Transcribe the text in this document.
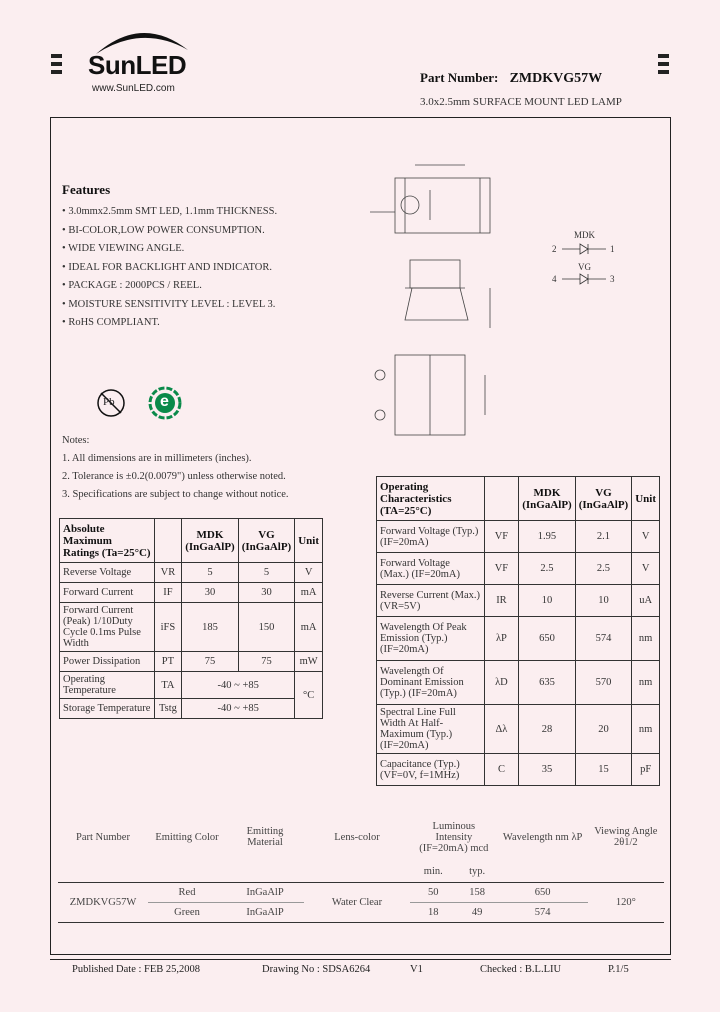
SunLED
www.SunLED.com
Part Number: ZMDKVG57W
3.0x2.5mm SURFACE MOUNT LED LAMP
Features
• 3.0mmx2.5mm SMT LED, 1.1mm THICKNESS.
• BI-COLOR,LOW POWER CONSUMPTION.
• WIDE VIEWING ANGLE.
• IDEAL FOR BACKLIGHT AND INDICATOR.
• PACKAGE : 2000PCS / REEL.
• MOISTURE SENSITIVITY LEVEL : LEVEL 3.
• RoHS COMPLIANT.
Pb	e
MDK
2	1
VG
4	3
Notes:
1. All dimensions are in millimeters (inches).
2. Tolerance is ±0.2(0.0079") unless otherwise noted.
3. Specifications are subject to change without notice.
Absolute Maximum Ratings (Ta=25°C)		MDK (InGaAlP)	VG (InGaAlP)	Unit
Reverse Voltage	VR	5	5	V
Forward Current	IF	30	30	mA
Forward Current (Peak) 1/10Duty Cycle 0.1ms Pulse Width	iFS	185	150	mA
Power Dissipation	PT	75	75	mW
Operating Temperature	TA	-40 ~ +85		°C
Storage Temperature	Tstg	-40 ~ +85		
Operating Characteristics (TA=25°C)		MDK (InGaAlP)	VG (InGaAlP)	Unit
Forward Voltage (Typ.) (IF=20mA)	VF	1.95	2.1	V
Forward Voltage (Max.) (IF=20mA)	VF	2.5	2.5	V
Reverse Current (Max.) (VR=5V)	IR	10	10	uA
Wavelength Of Peak Emission (Typ.) (IF=20mA)	λP	650	574	nm
Wavelength Of Dominant Emission (Typ.) (IF=20mA)	λD	635	570	nm
Spectral Line Full Width At Half-Maximum (Typ.) (IF=20mA)	Δλ	28	20	nm
Capacitance (Typ.) (VF=0V, f=1MHz)	C	35	15	pF
Part Number	Emitting Color	Emitting Material	Lens-color	Luminous Intensity (IF=20mA) mcd		Wavelength nm λP	Viewing Angle 2θ1/2
				min.	typ.		
ZMDKVG57W	Red	InGaAlP	Water Clear	50	158	650	120°
	Green	InGaAlP		18	49	574	
Published Date : FEB 25,2008	Drawing No : SDSA6264	V1	Checked : B.L.LIU	P.1/5
